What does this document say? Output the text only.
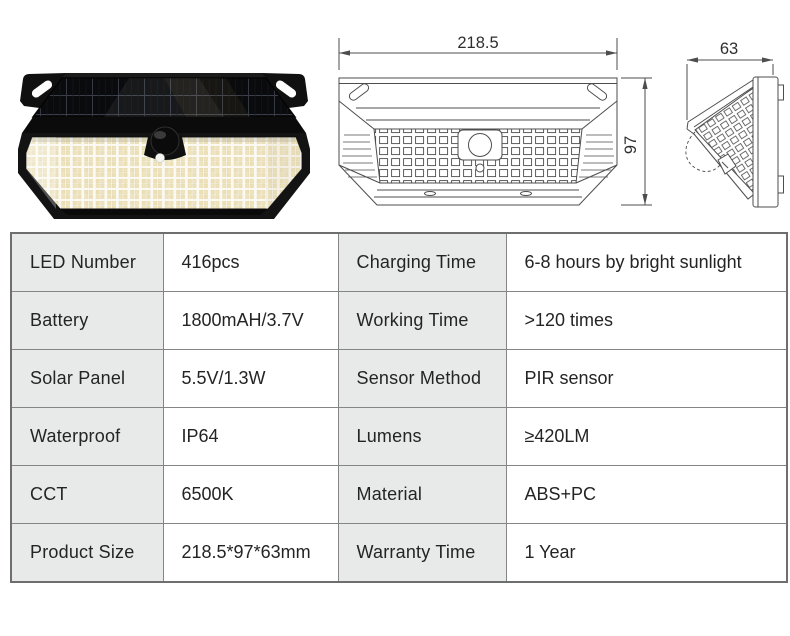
218.5
97
63
LED Number	416pcs	Charging Time	6-8 hours by bright sunlight
Battery	1800mAH/3.7V	Working Time	>120 times
Solar Panel	5.5V/1.3W	Sensor Method	PIR sensor
Waterproof	IP64	Lumens	≥420LM
CCT	6500K	Material	ABS+PC
Product Size	218.5*97*63mm	Warranty Time	1 Year
